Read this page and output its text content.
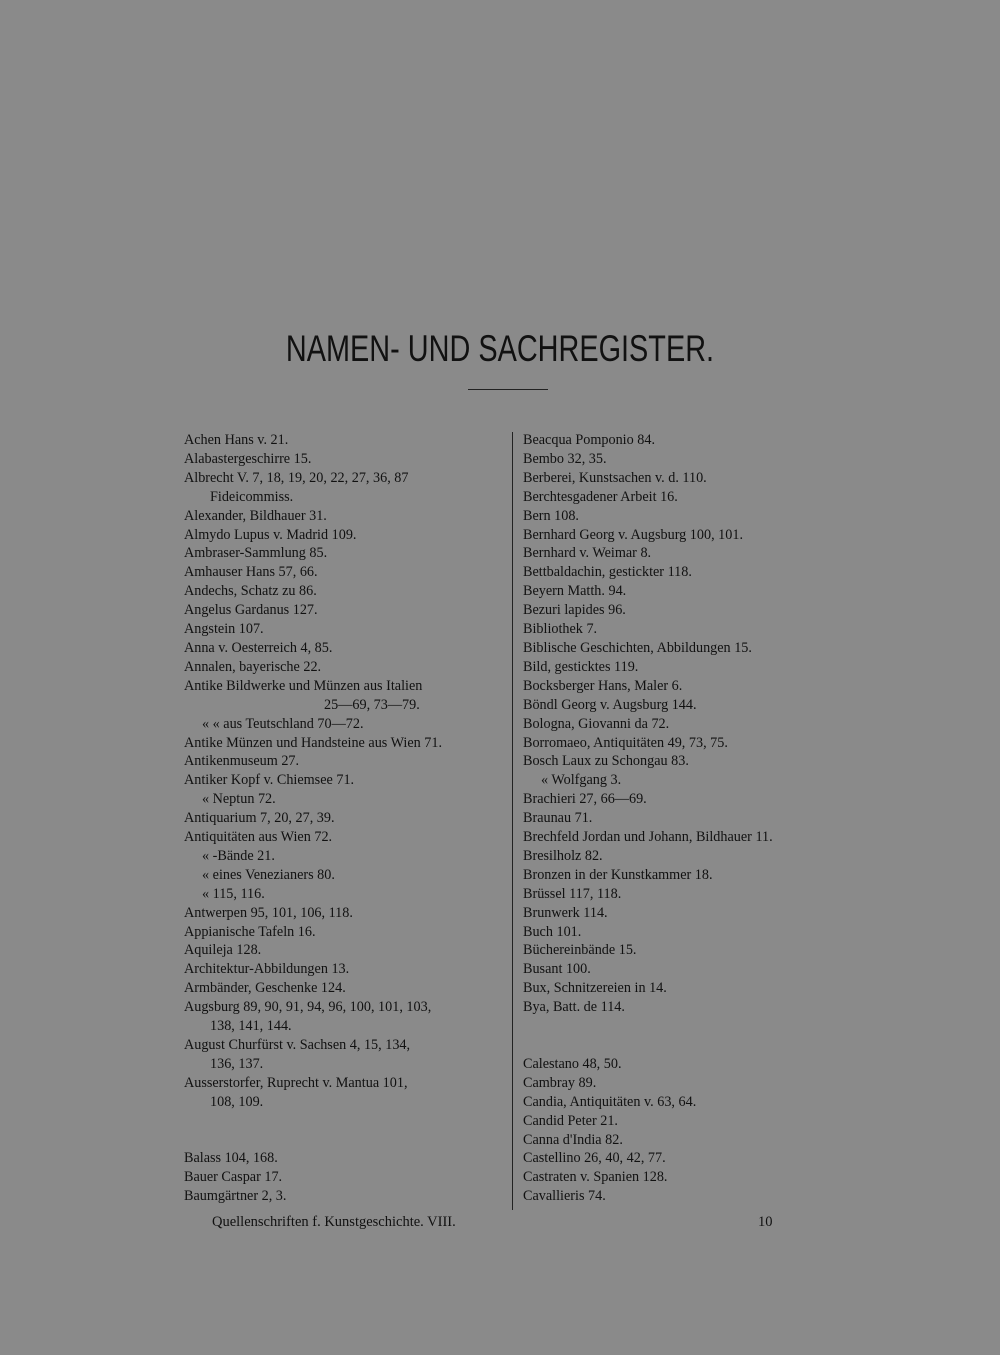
NAMEN- UND SACHREGISTER.
Achen Hans v. 21.
Alabastergeschirre 15.
Albrecht V. 7, 18, 19, 20, 22, 27, 36, 87
Fideicommiss.
Alexander, Bildhauer 31.
Almydo Lupus v. Madrid 109.
Ambraser-Sammlung 85.
Amhauser Hans 57, 66.
Andechs, Schatz zu 86.
Angelus Gardanus 127.
Angstein 107.
Anna v. Oesterreich 4, 85.
Annalen, bayerische 22.
Antike Bildwerke und Münzen aus Italien
25—69, 73—79.
« « aus Teutschland 70—72.
Antike Münzen und Handsteine aus Wien 71.
Antikenmuseum 27.
Antiker Kopf v. Chiemsee 71.
« Neptun 72.
Antiquarium 7, 20, 27, 39.
Antiquitäten aus Wien 72.
« -Bände 21.
« eines Venezianers 80.
« 115, 116.
Antwerpen 95, 101, 106, 118.
Appianische Tafeln 16.
Aquileja 128.
Architektur-Abbildungen 13.
Armbänder, Geschenke 124.
Augsburg 89, 90, 91, 94, 96, 100, 101, 103,
138, 141, 144.
August Churfürst v. Sachsen 4, 15, 134,
136, 137.
Ausserstorfer, Ruprecht v. Mantua 101,
108, 109.
Balass 104, 168.
Bauer Caspar 17.
Baumgärtner 2, 3.
Beacqua Pomponio 84.
Bembo 32, 35.
Berberei, Kunstsachen v. d. 110.
Berchtesgadener Arbeit 16.
Bern 108.
Bernhard Georg v. Augsburg 100, 101.
Bernhard v. Weimar 8.
Bettbaldachin, gestickter 118.
Beyern Matth. 94.
Bezuri lapides 96.
Bibliothek 7.
Biblische Geschichten, Abbildungen 15.
Bild, gesticktes 119.
Bocksberger Hans, Maler 6.
Böndl Georg v. Augsburg 144.
Bologna, Giovanni da 72.
Borromaeo, Antiquitäten 49, 73, 75.
Bosch Laux zu Schongau 83.
« Wolfgang 3.
Brachieri 27, 66—69.
Braunau 71.
Brechfeld Jordan und Johann, Bildhauer 11.
Bresilholz 82.
Bronzen in der Kunstkammer 18.
Brüssel 117, 118.
Brunwerk 114.
Buch 101.
Büchereinbände 15.
Busant 100.
Bux, Schnitzereien in 14.
Bya, Batt. de 114.
Calestano 48, 50.
Cambray 89.
Candia, Antiquitäten v. 63, 64.
Candid Peter 21.
Canna d'India 82.
Castellino 26, 40, 42, 77.
Castraten v. Spanien 128.
Cavallieris 74.
Quellenschriften f. Kunstgeschichte. VIII.	10
